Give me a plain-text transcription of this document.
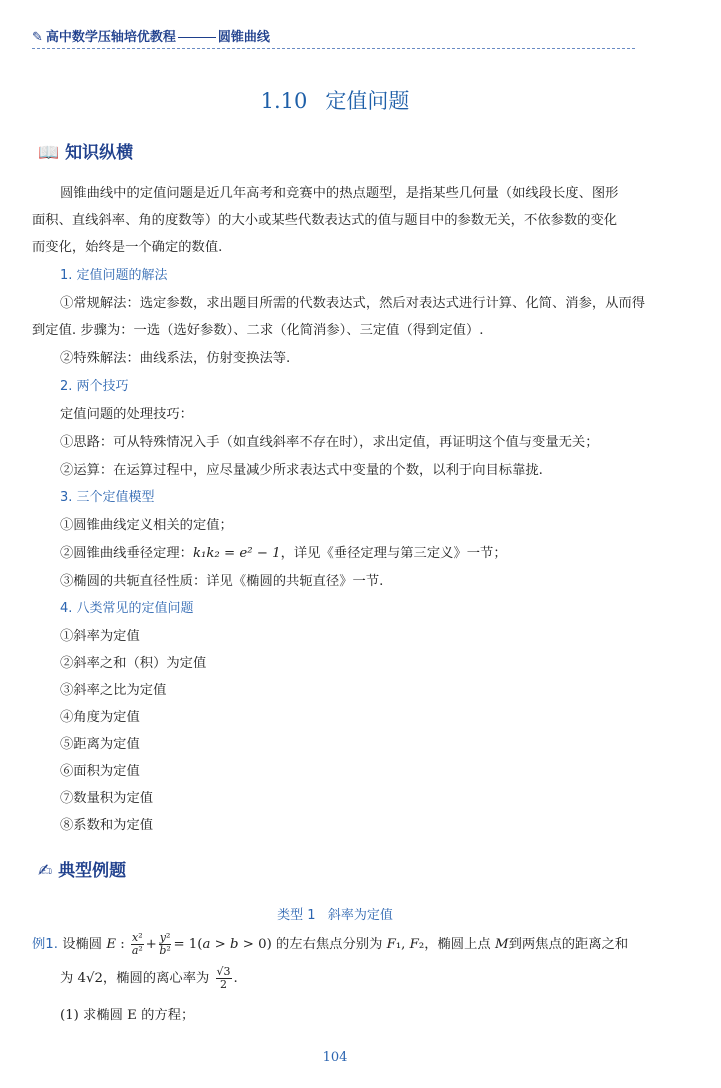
✎ 高中数学压轴培优教程	圆锥曲线
1.10 定值问题
📖 知识纵横
圆锥曲线中的定值问题是近几年高考和竞赛中的热点题型，是指某些几何量（如线段长度、图形
面积、直线斜率、角的度数等）的大小或某些代数表达式的值与题目中的参数无关，不依参数的变化
而变化，始终是一个确定的数值.
1. 定值问题的解法
①常规解法：选定参数，求出题目所需的代数表达式，然后对表达式进行计算、化简、消参，从而得
到定值. 步骤为：一选（选好参数）、二求（化简消参）、三定值（得到定值）.
②特殊解法：曲线系法，仿射变换法等.
2. 两个技巧
定值问题的处理技巧：
①思路：可从特殊情况入手（如直线斜率不存在时），求出定值，再证明这个值与变量无关；
②运算：在运算过程中，应尽量减少所求表达式中变量的个数，以利于向目标靠拢.
3. 三个定值模型
①圆锥曲线定义相关的定值；
②圆锥曲线垂径定理：k₁k₂ = e² − 1，详见《垂径定理与第三定义》一节；
③椭圆的共轭直径性质：详见《椭圆的共轭直径》一节.
4. 八类常见的定值问题
①斜率为定值
②斜率之和（积）为定值
③斜率之比为定值
④角度为定值
⑤距离为定值
⑥面积为定值
⑦数量积为定值
⑧系数和为定值
✍ 典型例题
类型 1 斜率为定值
例1. 设椭圆 E : $\frac{\text{x²}}{\text{a²}} + \frac{\text{y²}}{\text{b²}} = 1(a > b > 0)$ 的左右焦点分别为 F₁, F₂，椭圆上点 M到两焦点的距离之和
为 4√2，椭圆的离心率为 $\frac{√3}{2}$ .
(1) 求椭圆 E 的方程；
104
